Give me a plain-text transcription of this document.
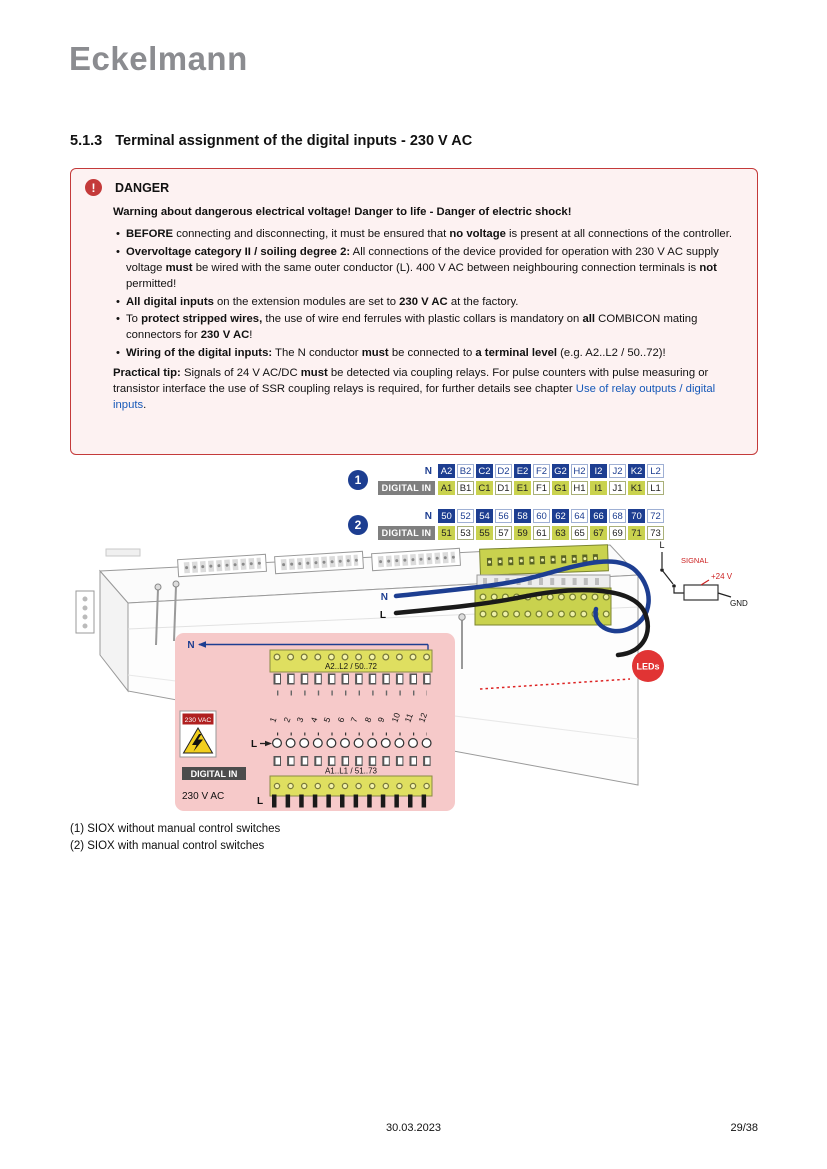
Eckelmann
5.1.3 Terminal assignment of the digital inputs - 230 V AC
!	DANGER
Warning about dangerous electrical voltage! Danger to life - Danger of electric shock!
• BEFORE connecting and disconnecting, it must be ensured that no voltage is present at all connections of the controller.
• Overvoltage category II / soiling degree 2: All connections of the device provided for operation with 230 V AC supply voltage must be wired with the same outer conductor (L). 400 V AC between neighbouring connection terminals is not permitted!
• All digital inputs on the extension modules are set to 230 V AC at the factory.
• To protect stripped wires, the use of wire end ferrules with plastic collars is mandatory on all COMBICON mating connectors for 230 V AC!
• Wiring of the digital inputs: The N conductor must be connected to a terminal level (e.g. A2..L2 / 50..72)!

Practical tip: Signals of 24 V AC/DC must be detected via coupling relays. For pulse counters with pulse measuring or transistor interface the use of SSR coupling relays is required, for further details see chapter Use of relay outputs / digital inputs.

1
N A2 B2 C2 D2 E2 F2 G2 H2 I2	J2 K2 L2
DIGITAL IN A1 B1 C1 D1 E1 F1 G1 H1 I1	J1 K1 L1
2
N 50 52 54 56 58 60 62 64 66 68 70 72
DIGITAL IN	51 53 55 57 59 61 63 65 67 69 71 73
N
L
L
SIGNAL
+24 V
GND
LEDs
N
A2..L2 / 50..72
1 2 3 4 5 6 7 8 9 10 11 12
L
A1..L1 / 51..73
DIGITAL IN
230 V AC	L
230 VAC
(1) SIOX without manual control switches
(2) SIOX with manual control switches
30.03.2023	29/38
